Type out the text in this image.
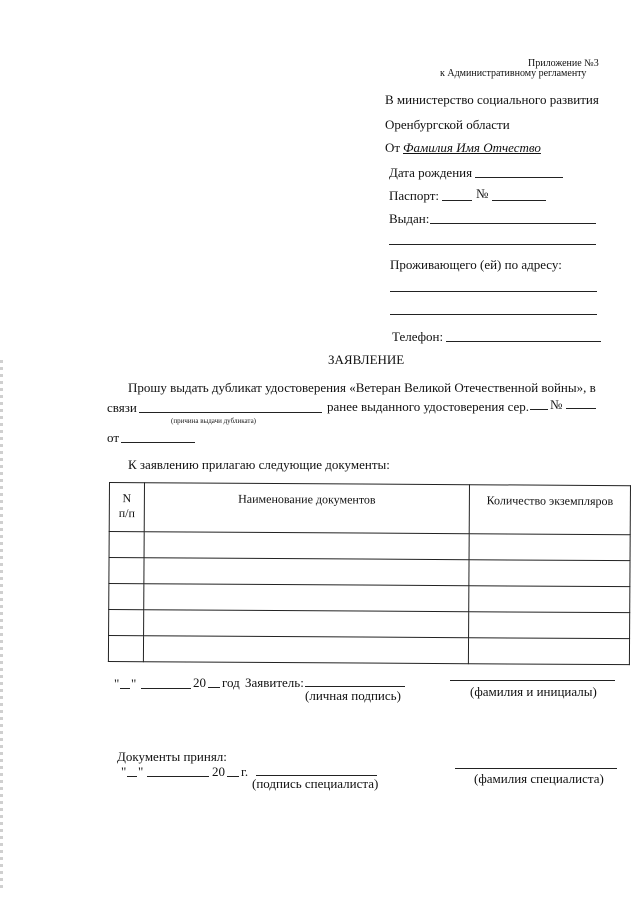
Приложение №3
к Административному регламенту
В министерство социального развития
Оренбургской области
От Фамилия Имя Отчество
Дата рождения
Паспорт:	№
Выдан:
Проживающего (ей) по адресу:
Телефон:
ЗАЯВЛЕНИЕ
Прошу выдать дубликат удостоверения «Ветеран Великой Отечественной войны», в
связи	ранее выданного удостоверения сер. №
(причина выдачи дубликата)
от
К заявлению прилагаю следующие документы:
N
п/п	Наименование документов	Количество экземпляров

" "	20 год Заявитель:
(личная подпись)	(фамилия и инициалы)
Документы принял:
" "	20 г.
(подпись специалиста)	(фамилия специалиста)
